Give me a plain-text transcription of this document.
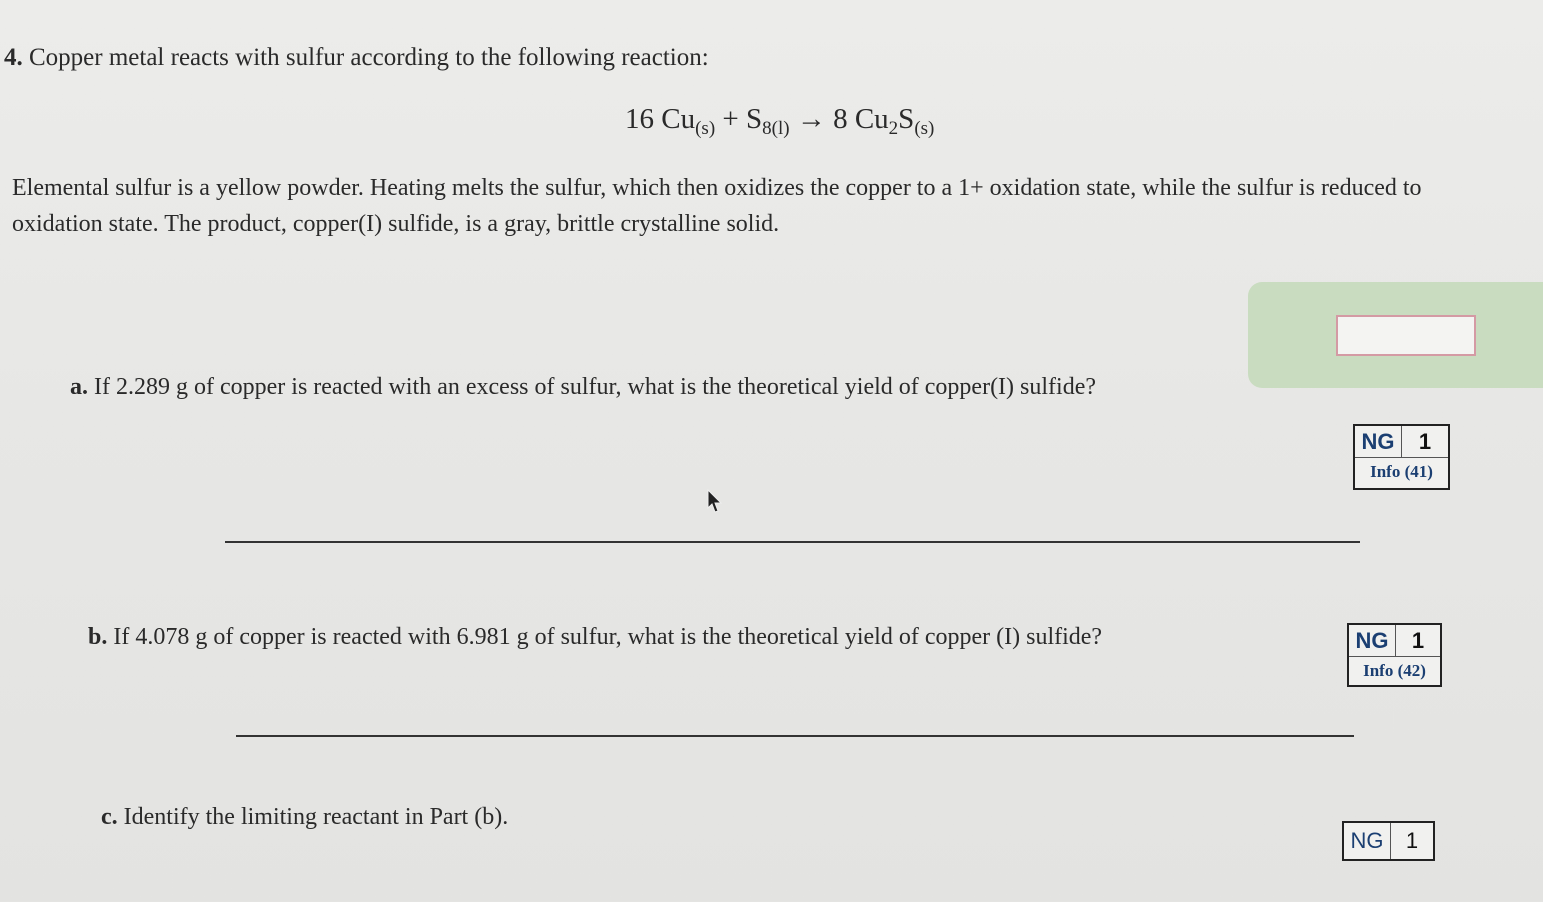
4. Copper metal reacts with sulfur according to the following reaction:
16 $Cu_{(s)} + S_{8(l)} \to 8$ $Cu_2S_{(s)}$
Elemental sulfur is a yellow powder. Heating melts the sulfur, which then oxidizes the copper to a 1+ oxidation state, while the sulfur is reduced to
oxidation state. The product, copper(I) sulfide, is a gray, brittle crystalline solid.
a. If 2.289 g of copper is reacted with an excess of sulfur, what is the theoretical yield of copper(I) sulfide?
NG	1
Info (41)
b. If 4.078 g of copper is reacted with 6.981 g of sulfur, what is the theoretical yield of copper (I) sulfide?	NG	1
Info (42)
c. Identify the limiting reactant in Part (b).
NG	1
